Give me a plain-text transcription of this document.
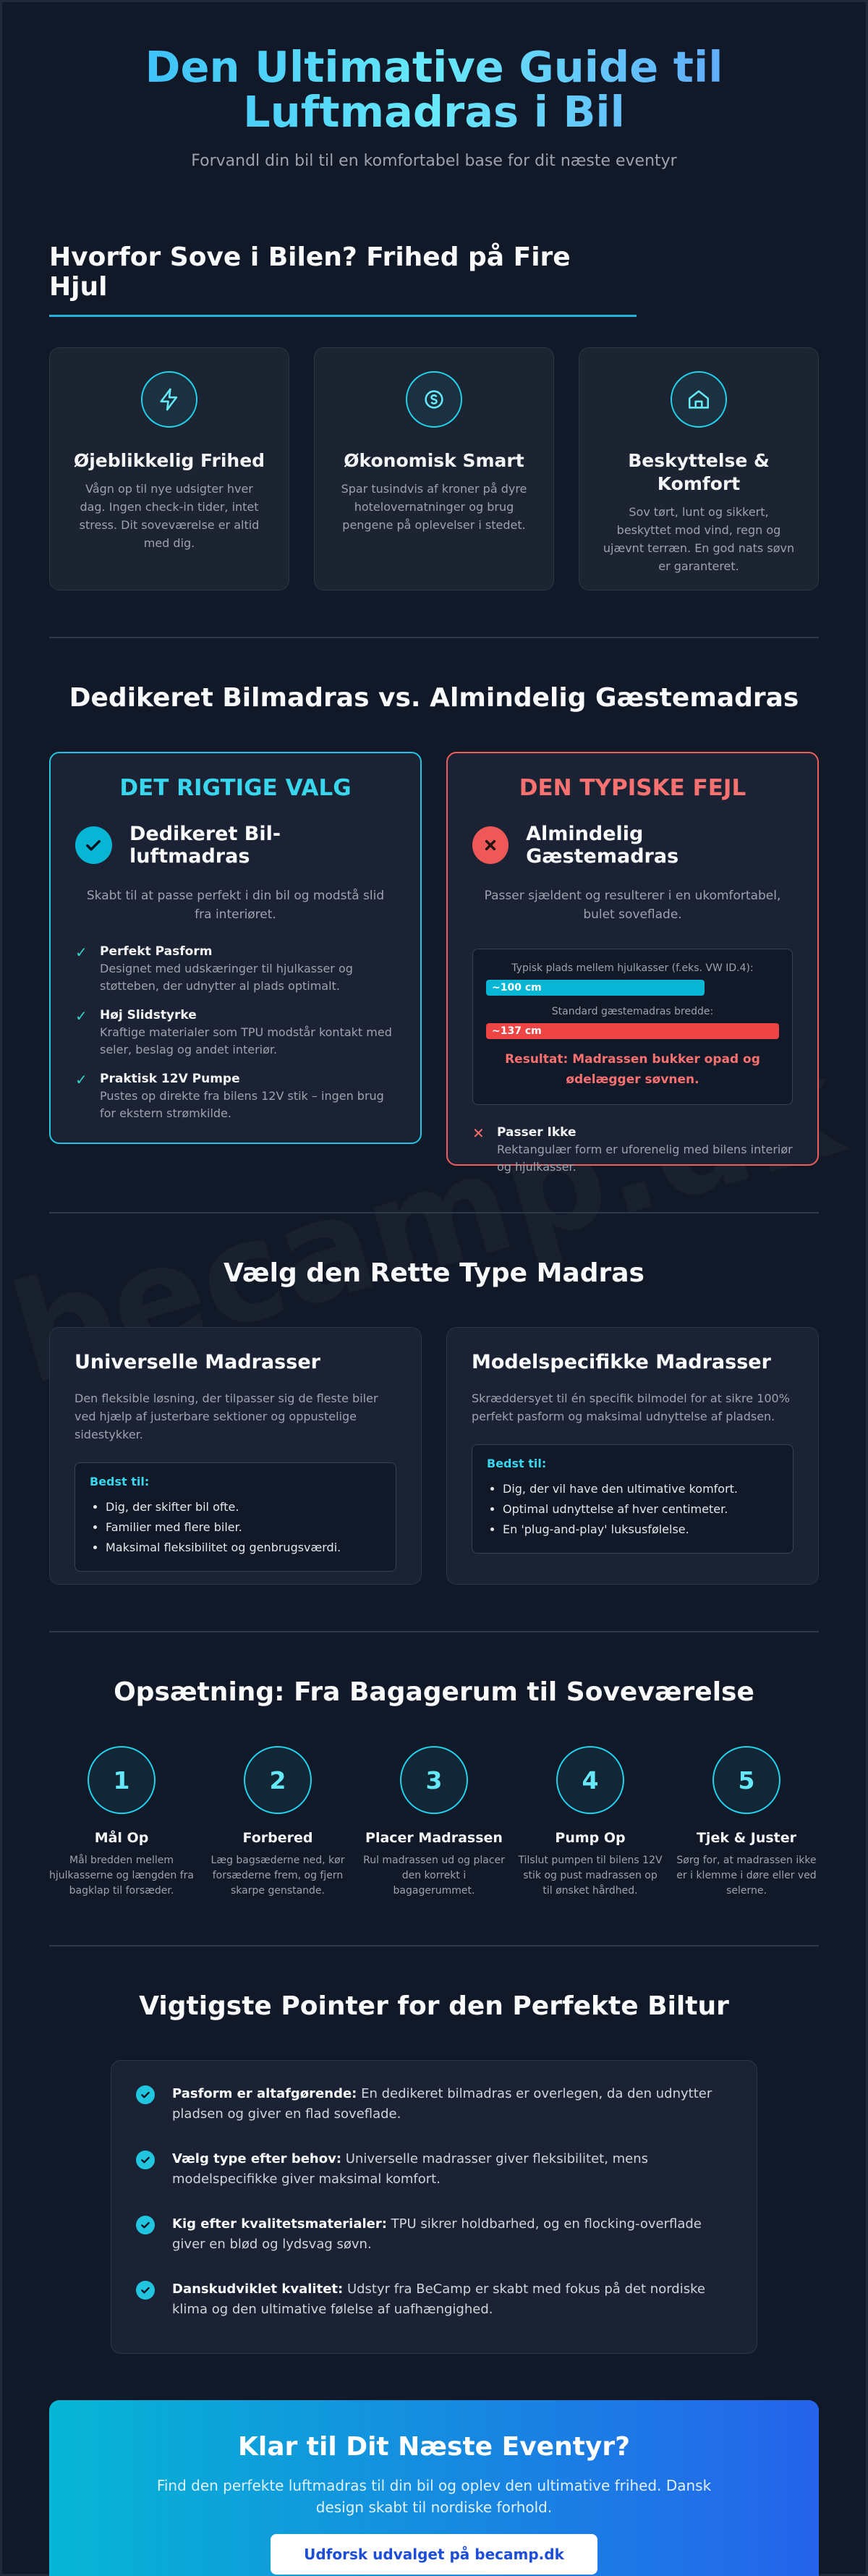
Den Ultimative Guide til Luftmadras i Bil

Forvandl din bil til en komfortabel base for dit næste eventyr

Hvorfor Sove i Bilen? Frihed på Fire Hjul
Øjeblikkelig Frihed

Vågn op til nye udsigter hver dag. Ingen check-in tider, intet stress. Dit soveværelse er altid med dig.

Økonomisk Smart

Spar tusindvis af kroner på dyre hotelovernatninger og brug pengene på oplevelser i stedet.

Beskyttelse & Komfort

Sov tørt, lunt og sikkert, beskyttet mod vind, regn og ujævnt terræn. En god nats søvn er garanteret.

Dedikeret Bilmadras vs. Almindelig Gæstemadras
DET RIGTIGE VALG
Dedikeret Bil-luftmadras

Skabt til at passe perfekt i din bil og modstå slid fra interiøret.

✓ Perfekt Pasform
Designet med udskæringer til hjulkasser og støtteben, der udnytter al plads optimalt.
✓ Høj Slidstyrke
Kraftige materialer som TPU modstår kontakt med seler, beslag og andet interiør.
✓ Praktisk 12V Pumpe
Pustes op direkte fra bilens 12V stik – ingen brug for ekstern strømkilde.
DEN TYPISKE FEJL
Almindelig Gæstemadras

Passer sjældent og resulterer i en ukomfortabel, bulet soveflade.

Typisk plads mellem hjulkasser (f.eks. VW ID.4):
~100 cm
Standard gæstemadras bredde:
~137 cm
Resultat: Madrassen bukker opad og ødelægger søvnen.
✕ Passer Ikke
Rektangulær form er uforenelig med bilens interiør og hjulkasser.
Vælg den Rette Type Madras
Universelle Madrasser

Den fleksible løsning, der tilpasser sig de fleste biler ved hjælp af justerbare sektioner og oppustelige sidestykker.

Bedst til:
• Dig, der skifter bil ofte.
• Familier med flere biler.
• Maksimal fleksibilitet og genbrugsværdi.
Modelspecifikke Madrasser

Skræddersyet til én specifik bilmodel for at sikre 100% perfekt pasform og maksimal udnyttelse af pladsen.

Bedst til:
• Dig, der vil have den ultimative komfort.
• Optimal udnyttelse af hver centimeter.
• En 'plug-and-play' luksusfølelse.
Opsætning: Fra Bagagerum til Soveværelse
1
Mål Op

Mål bredden mellem hjulkasserne og længden fra bagklap til forsæder.

2
Forbered

Læg bagsæderne ned, kør forsæderne frem, og fjern skarpe genstande.

3
Placer Madrassen

Rul madrassen ud og placer den korrekt i bagagerummet.

4
Pump Op

Tilslut pumpen til bilens 12V stik og pust madrassen op til ønsket hårdhed.

5
Tjek & Juster

Sørg for, at madrassen ikke er i klemme i døre eller ved selerne.

Vigtigste Pointer for den Perfekte Biltur
Pasform er altafgørende: En dedikeret bilmadras er overlegen, da den udnytter pladsen og giver en flad soveflade.
Vælg type efter behov: Universelle madrasser giver fleksibilitet, mens modelspecifikke giver maksimal komfort.
Kig efter kvalitetsmaterialer: TPU sikrer holdbarhed, og en flocking-overflade giver en blød og lydsvag søvn.
Danskudviklet kvalitet: Udstyr fra BeCamp er skabt med fokus på det nordiske klima og den ultimative følelse af uafhængighed.
Klar til Dit Næste Eventyr?

Find den perfekte luftmadras til din bil og oplev den ultimative frihed. Dansk design skabt til nordiske forhold.

Udforsk udvalget på becamp.dk
